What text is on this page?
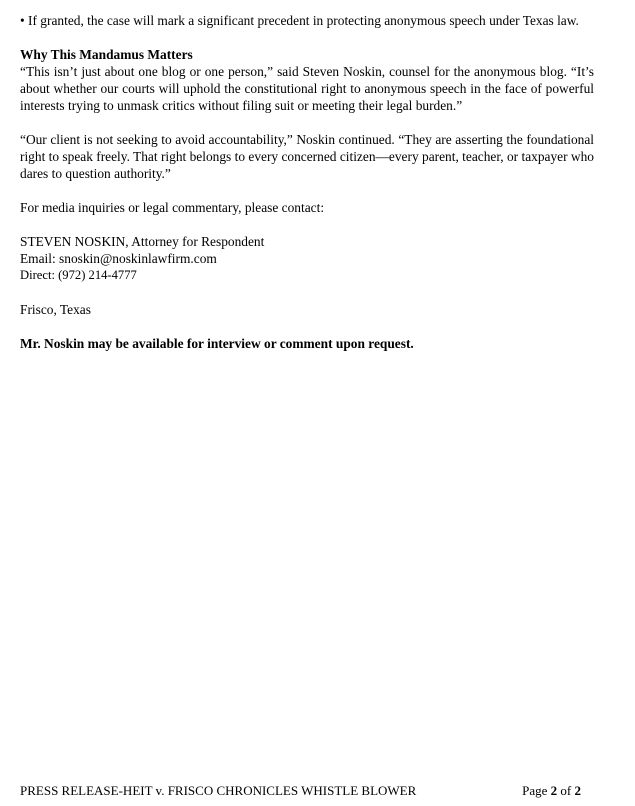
• If granted, the case will mark a significant precedent in protecting anonymous speech under Texas law.

Why This Mandamus Matters

“This isn’t just about one blog or one person,” said Steven Noskin, counsel for the anonymous blog. “It’s about whether our courts will uphold the constitutional right to anonymous speech in the face of powerful interests trying to unmask critics without filing suit or meeting their legal burden.”

“Our client is not seeking to avoid accountability,” Noskin continued. “They are asserting the foundational right to speak freely. That right belongs to every concerned citizen—every parent, teacher, or taxpayer who dares to question authority.”

For media inquiries or legal commentary, please contact:

STEVEN NOSKIN, Attorney for Respondent
Email: snoskin@noskinlawfirm.com
Direct: (972) 214-4777
Frisco, Texas
Mr. Noskin may be available for interview or comment upon request.
PRESS RELEASE-HEIT v. FRISCO CHRONICLES WHISTLE BLOWER	Page 2 of 2
